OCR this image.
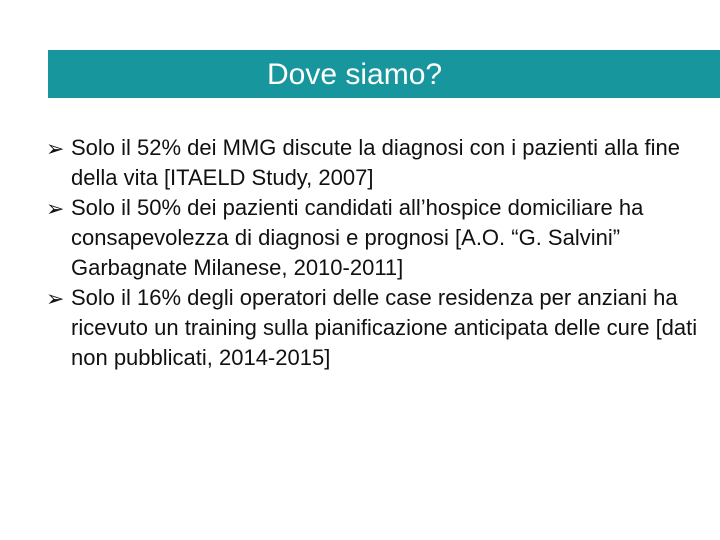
Dove siamo?
➢ Solo il 52% dei MMG discute la diagnosi con i pazienti alla fine della vita [ITAELD Study, 2007]
➢ Solo il 50% dei pazienti candidati all’hospice domiciliare ha consapevolezza di diagnosi e prognosi [A.O. “G. Salvini” Garbagnate Milanese, 2010-2011]
➢ Solo il 16% degli operatori delle case residenza per anziani ha ricevuto un training sulla pianificazione anticipata delle cure [dati non pubblicati, 2014-2015]
